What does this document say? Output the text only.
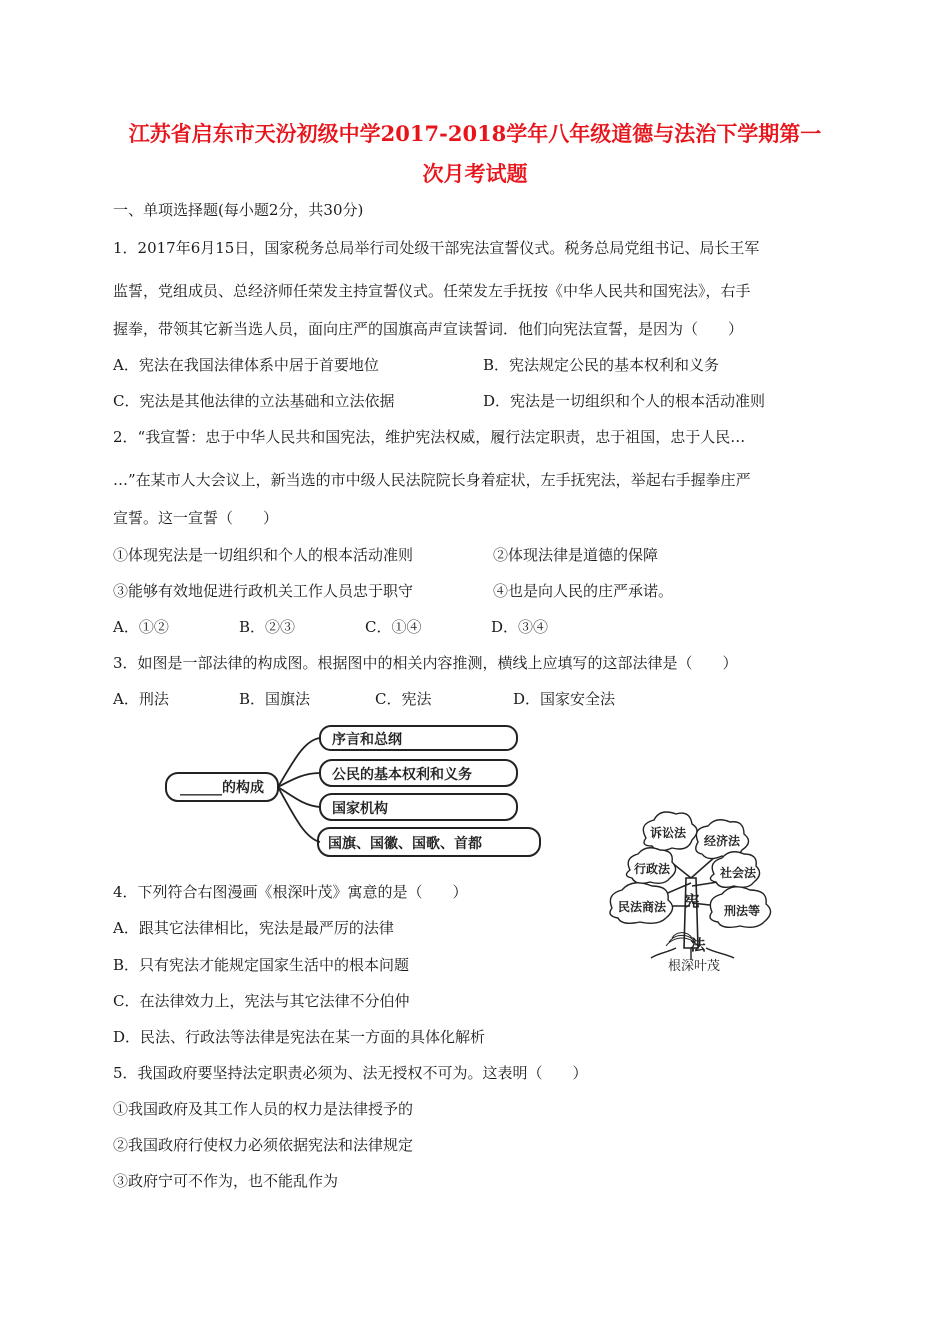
江苏省启东市天汾初级中学2017-2018学年八年级道德与法治下学期第一
次月考试题
一、单项选择题(每小题2分，共30分)
1．2017年6月15日，国家税务总局举行司处级干部宪法宣誓仪式。税务总局党组书记、局长王军
监誓，党组成员、总经济师任荣发主持宣誓仪式。任荣发左手抚按《中华人民共和国宪法》，右手
握拳，带领其它新当选人员，面向庄严的国旗高声宣读誓词．他们向宪法宣誓，是因为（　　）
A．宪法在我国法律体系中居于首要地位	B．宪法规定公民的基本权利和义务
C．宪法是其他法律的立法基础和立法依据	D．宪法是一切组织和个人的根本活动准则
2．“我宣誓：忠于中华人民共和国宪法，维护宪法权威，履行法定职责，忠于祖国，忠于人民…
…”在某市人大会议上，新当选的市中级人民法院院长身着症状，左手抚宪法，举起右手握拳庄严
宣誓。这一宣誓（　　）
①体现宪法是一切组织和个人的根本活动准则	②体现法律是道德的保障
③能够有效地促进行政机关工作人员忠于职守	④也是向人民的庄严承诺。
A．①②	B．②③	C．①④	D．③④
3．如图是一部法律的构成图。根据图中的相关内容推测，横线上应填写的这部法律是（　　）
A．刑法	B．国旗法	C．宪法	D．国家安全法
______的构成
序言和总纲
公民的基本权利和义务
国家机构
国旗、国徽、国歌、首都
诉讼法
经济法
行政法	社会法
民法商法	刑法等
宪
法
根深叶茂
4．下列符合右图漫画《根深叶茂》寓意的是（　　）
A．跟其它法律相比，宪法是最严厉的法律
B．只有宪法才能规定国家生活中的根本问题
C．在法律效力上，宪法与其它法律不分伯仲
D．民法、行政法等法律是宪法在某一方面的具体化解析
5．我国政府要坚持法定职责必须为、法无授权不可为。这表明（　　）
①我国政府及其工作人员的权力是法律授予的
②我国政府行使权力必须依据宪法和法律规定
③政府宁可不作为，也不能乱作为
